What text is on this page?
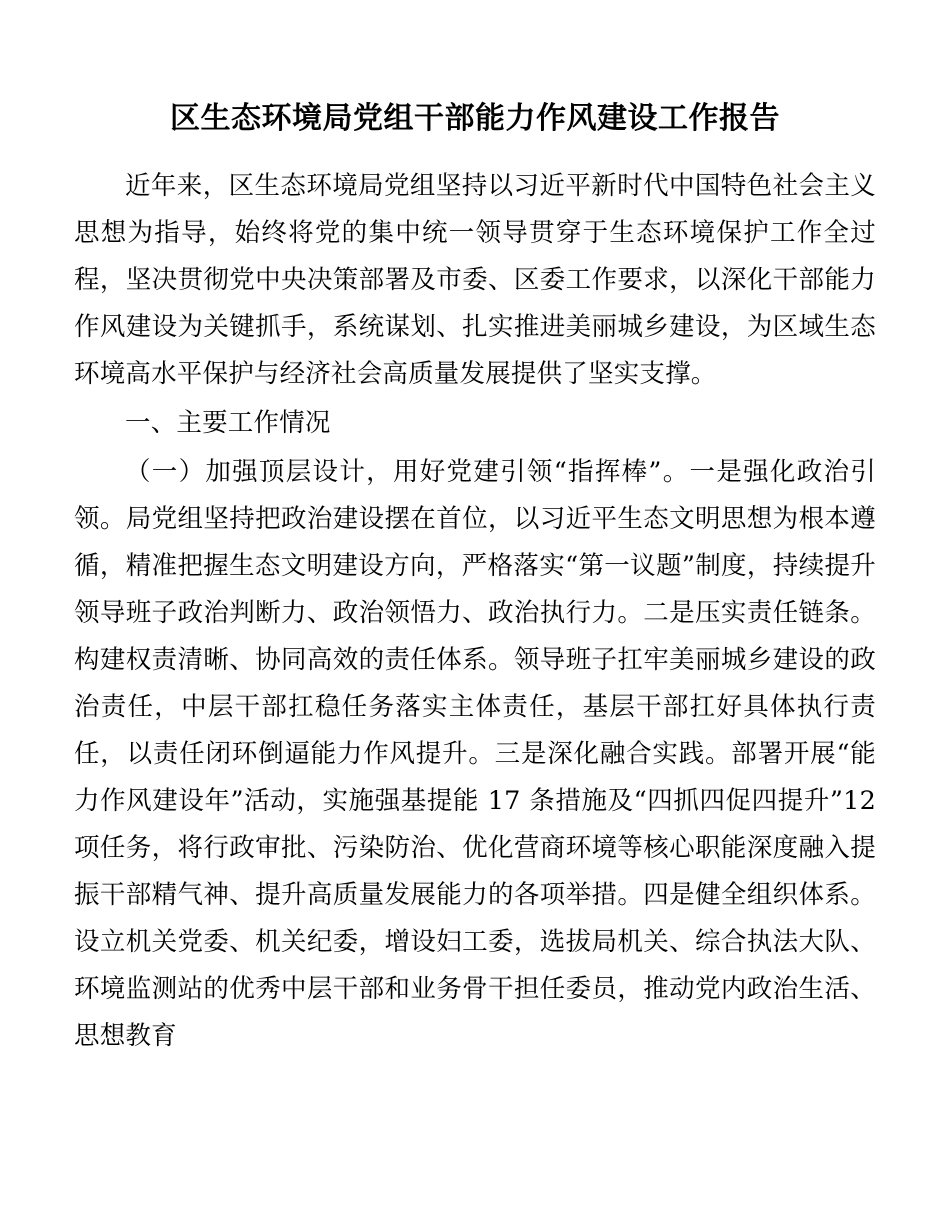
区生态环境局党组干部能力作风建设工作报告

近年来，区生态环境局党组坚持以习近平新时代中国特色社会主义思想为指导，始终将党的集中统一领导贯穿于生态环境保护工作全过程，坚决贯彻党中央决策部署及市委、区委工作要求，以深化干部能力作风建设为关键抓手，系统谋划、扎实推进美丽城乡建设，为区域生态环境高水平保护与经济社会高质量发展提供了坚实支撑。

一、主要工作情况

（一）加强顶层设计，用好党建引领“指挥棒”。一是强化政治引领。局党组坚持把政治建设摆在首位，以习近平生态文明思想为根本遵循，精准把握生态文明建设方向，严格落实“第一议题”制度，持续提升领导班子政治判断力、政治领悟力、政治执行力。二是压实责任链条。构建权责清晰、协同高效的责任体系。领导班子扛牢美丽城乡建设的政治责任，中层干部扛稳任务落实主体责任，基层干部扛好具体执行责任，以责任闭环倒逼能力作风提升。三是深化融合实践。部署开展“能力作风建设年”活动，实施强基提能 17 条措施及“四抓四促四提升”12 项任务，将行政审批、污染防治、优化营商环境等核心职能深度融入提振干部精气神、提升高质量发展能力的各项举措。四是健全组织体系。设立机关党委、机关纪委，增设妇工委，选拔局机关、综合执法大队、环境监测站的优秀中层干部和业务骨干担任委员，推动党内政治生活、思想教育
